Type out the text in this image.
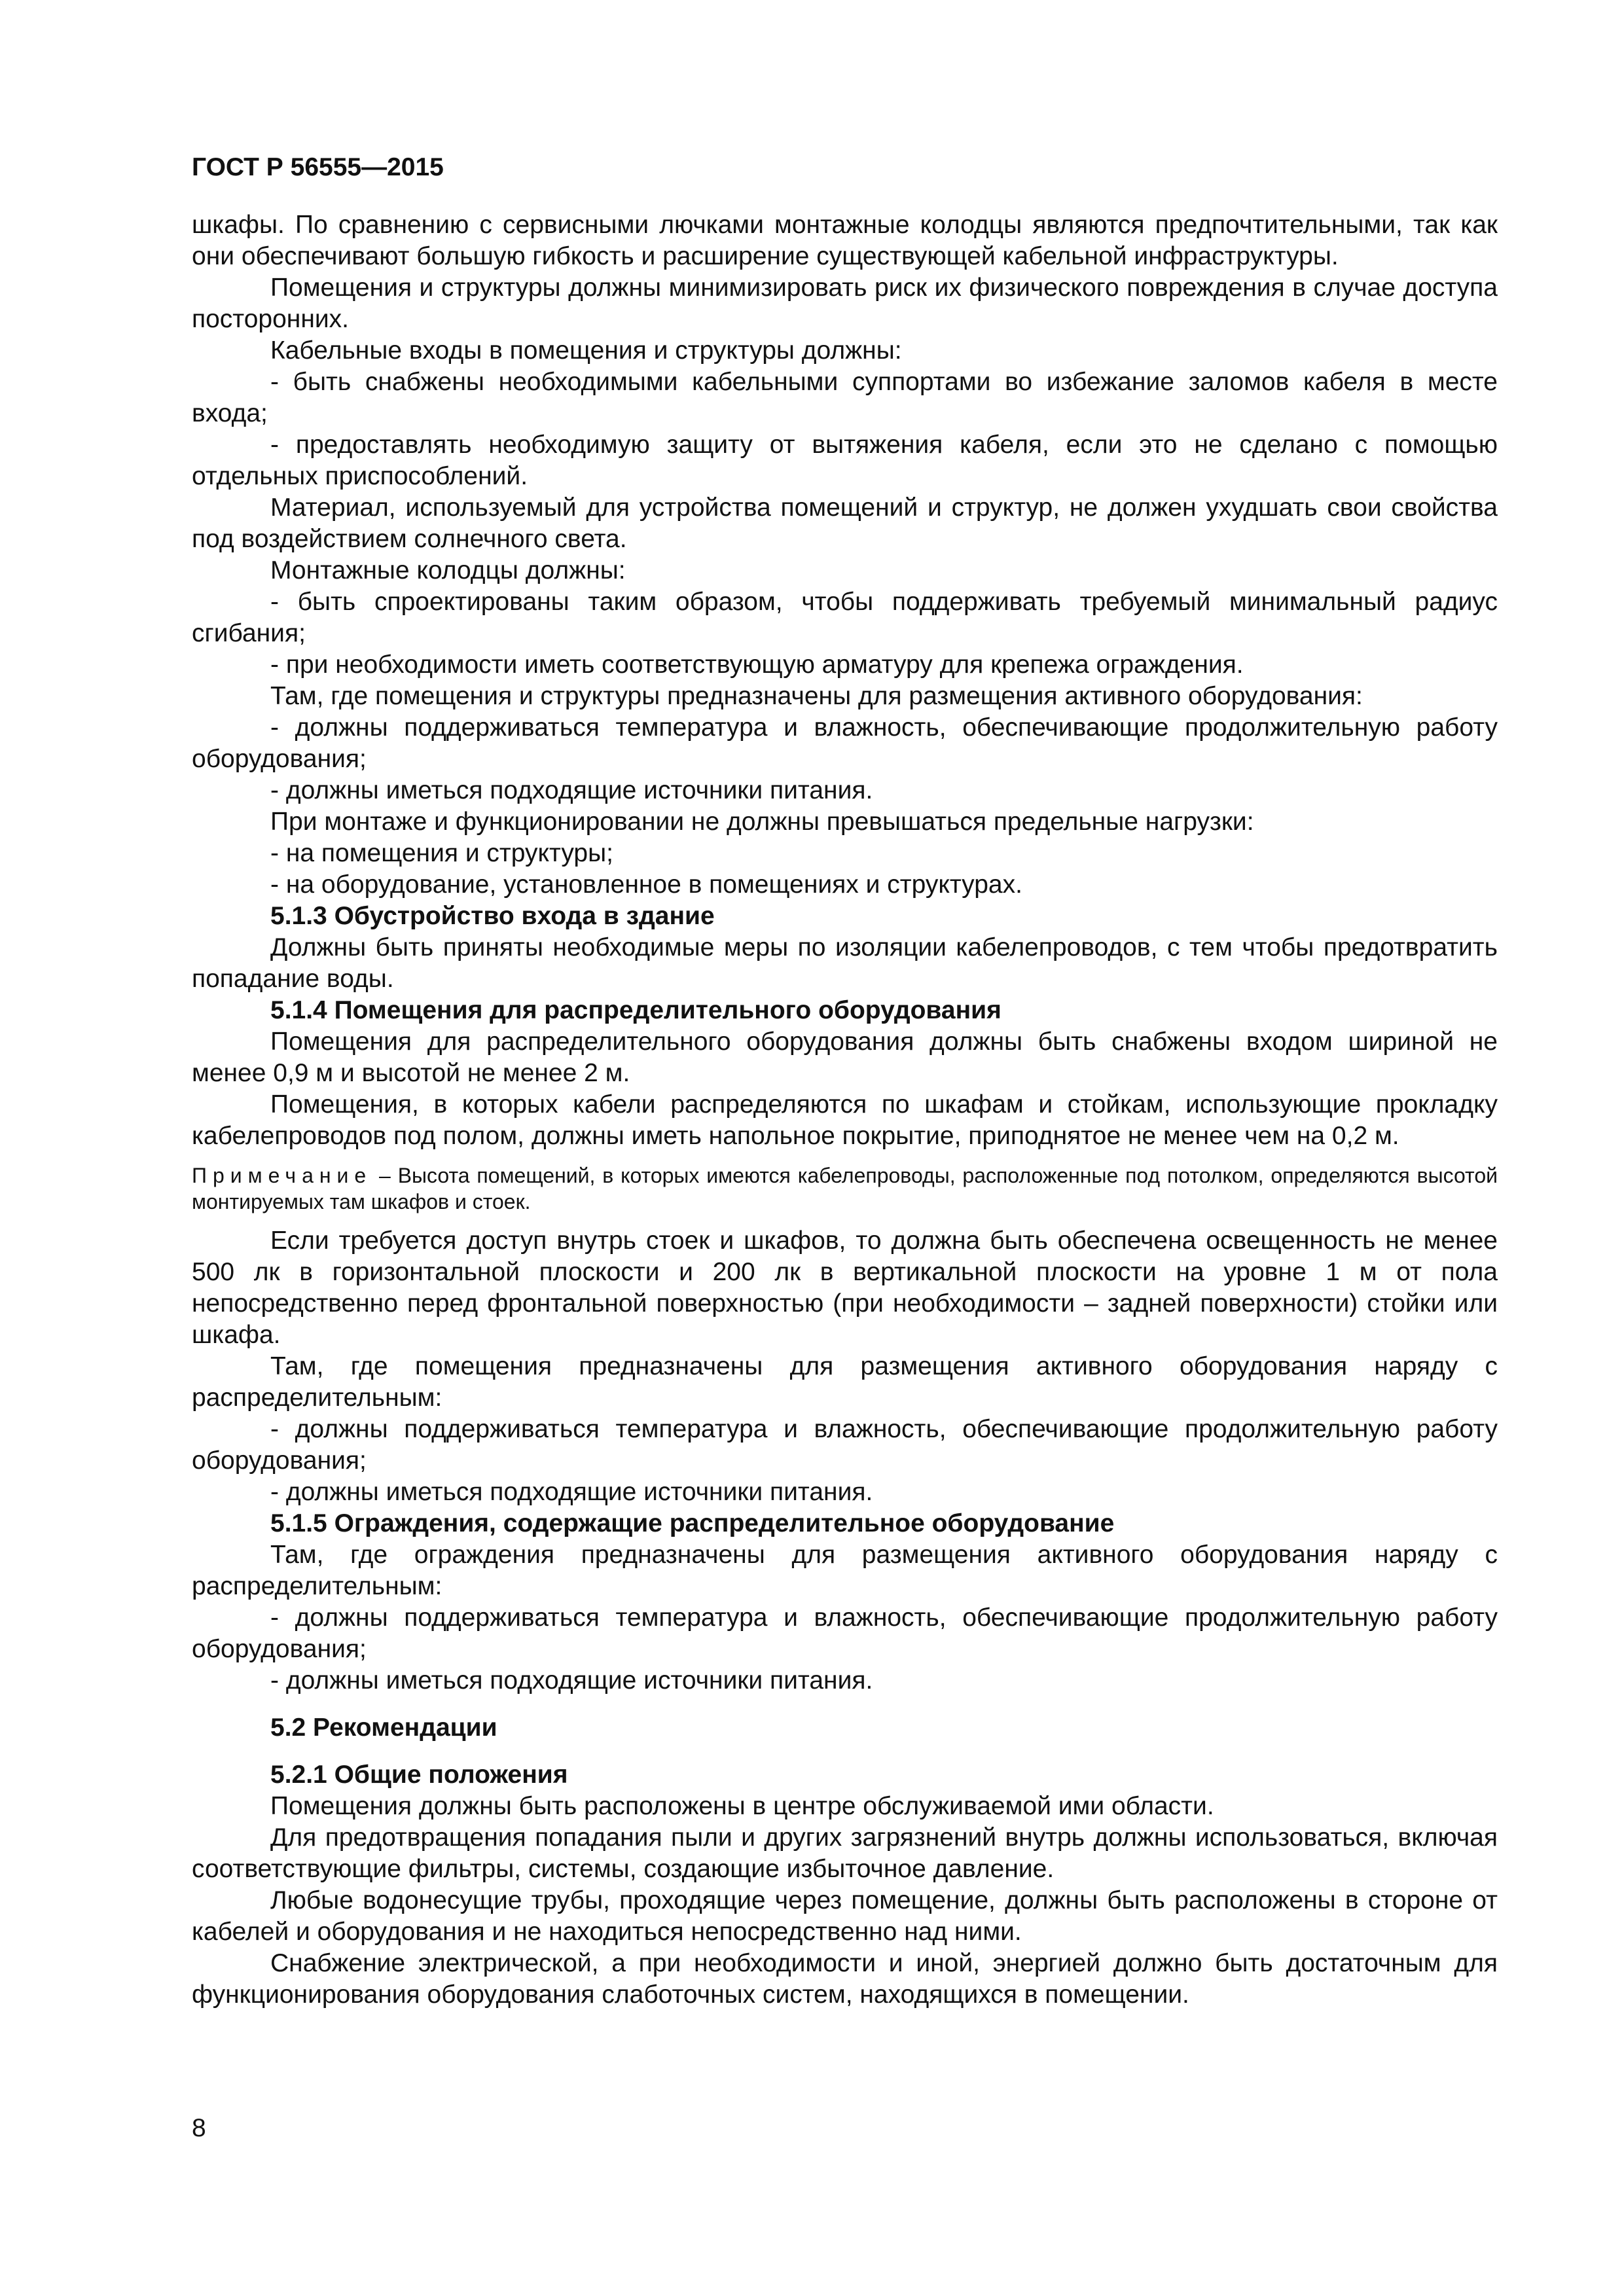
ГОСТ Р 56555—2015

шкафы. По сравнению с сервисными лючками монтажные колодцы являются предпочтительными, так как они обеспечивают большую гибкость и расширение существующей кабельной инфраструктуры.

Помещения и структуры должны минимизировать риск их физического повреждения в случае доступа посторонних.

Кабельные входы в помещения и структуры должны:

- быть снабжены необходимыми кабельными суппортами во избежание заломов кабеля в месте входа;

- предоставлять необходимую защиту от вытяжения кабеля, если это не сделано с помощью отдельных приспособлений.

Материал, используемый для устройства помещений и структур, не должен ухудшать свои свойства под воздействием солнечного света.

Монтажные колодцы должны:

- быть спроектированы таким образом, чтобы поддерживать требуемый минимальный радиус сгибания;

- при необходимости иметь соответствующую арматуру для крепежа ограждения.

Там, где помещения и структуры предназначены для размещения активного оборудования:

- должны поддерживаться температура и влажность, обеспечивающие продолжительную работу оборудования;

- должны иметься подходящие источники питания.

При монтаже и функционировании не должны превышаться предельные нагрузки:

- на помещения и структуры;

- на оборудование, установленное в помещениях и структурах.

5.1.3 Обустройство входа в здание

Должны быть приняты необходимые меры по изоляции кабелепроводов, с тем чтобы предотвратить попадание воды.

5.1.4 Помещения для распределительного оборудования

Помещения для распределительного оборудования должны быть снабжены входом шириной не менее 0,9 м и высотой не менее 2 м.

Помещения, в которых кабели распределяются по шкафам и стойкам, использующие прокладку кабелепроводов под полом, должны иметь напольное покрытие, приподнятое не менее чем на 0,2 м.

Примечание – Высота помещений, в которых имеются кабелепроводы, расположенные под потолком, определяются высотой монтируемых там шкафов и стоек.

Если требуется доступ внутрь стоек и шкафов, то должна быть обеспечена освещенность не менее 500 лк в горизонтальной плоскости и 200 лк в вертикальной плоскости на уровне 1 м от пола непосредственно перед фронтальной поверхностью (при необходимости – задней поверхности) стойки или шкафа.

Там, где помещения предназначены для размещения активного оборудования наряду с распределительным:

- должны поддерживаться температура и влажность, обеспечивающие продолжительную работу оборудования;

- должны иметься подходящие источники питания.

5.1.5 Ограждения, содержащие распределительное оборудование

Там, где ограждения предназначены для размещения активного оборудования наряду с распределительным:

- должны поддерживаться температура и влажность, обеспечивающие продолжительную работу оборудования;

- должны иметься подходящие источники питания.

5.2 Рекомендации

5.2.1 Общие положения

Помещения должны быть расположены в центре обслуживаемой ими области.

Для предотвращения попадания пыли и других загрязнений внутрь должны использоваться, включая соответствующие фильтры, системы, создающие избыточное давление.

Любые водонесущие трубы, проходящие через помещение, должны быть расположены в стороне от кабелей и оборудования и не находиться непосредственно над ними.

Снабжение электрической, а при необходимости и иной, энергией должно быть достаточным для функционирования оборудования слаботочных систем, находящихся в помещении.

8
